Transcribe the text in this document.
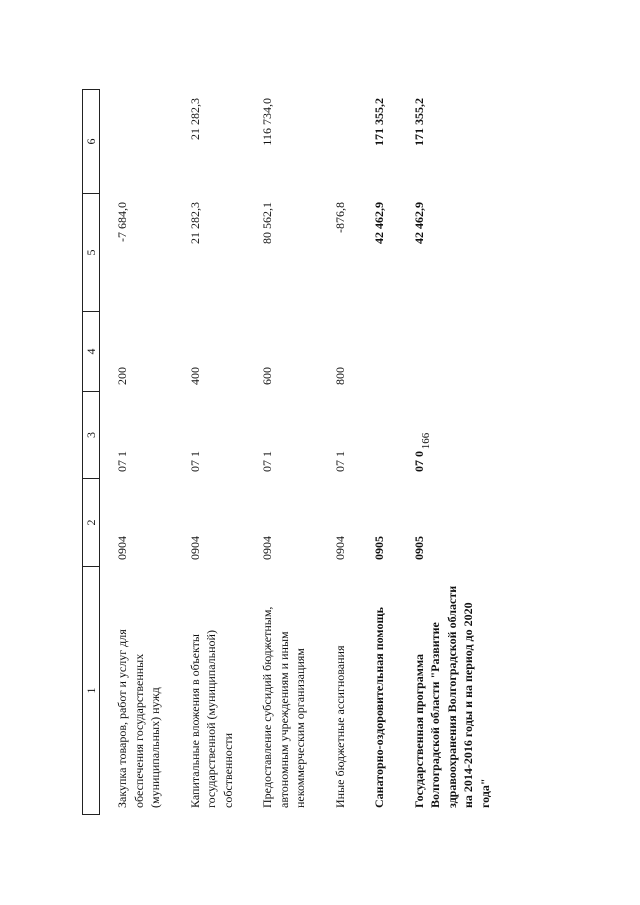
166
1	2	3	4	5	6
Закупка товаров, работ и услуг для обеспечения государственных (муниципальных) нужд	0904	07 1	200	-7 684,0	
Капитальные вложения в объекты государственной (муниципальной) собственности	0904	07 1	400	21 282,3	21 282,3
Предоставление субсидий бюджетным, автономным учреждениям и иным некоммерческим организациям	0904	07 1	600	80 562,1	116 734,0
Иные бюджетные ассигнования	0904	07 1	800	-876,8	
Санаторно-оздоровительная помощь	0905			42 462,9	171 355,2
Государственная программа Волгоградской области "Развитие здравоохранения Волгоградской области на 2014-2016 годы и на период до 2020 года"	0905	07 0		42 462,9	171 355,2
